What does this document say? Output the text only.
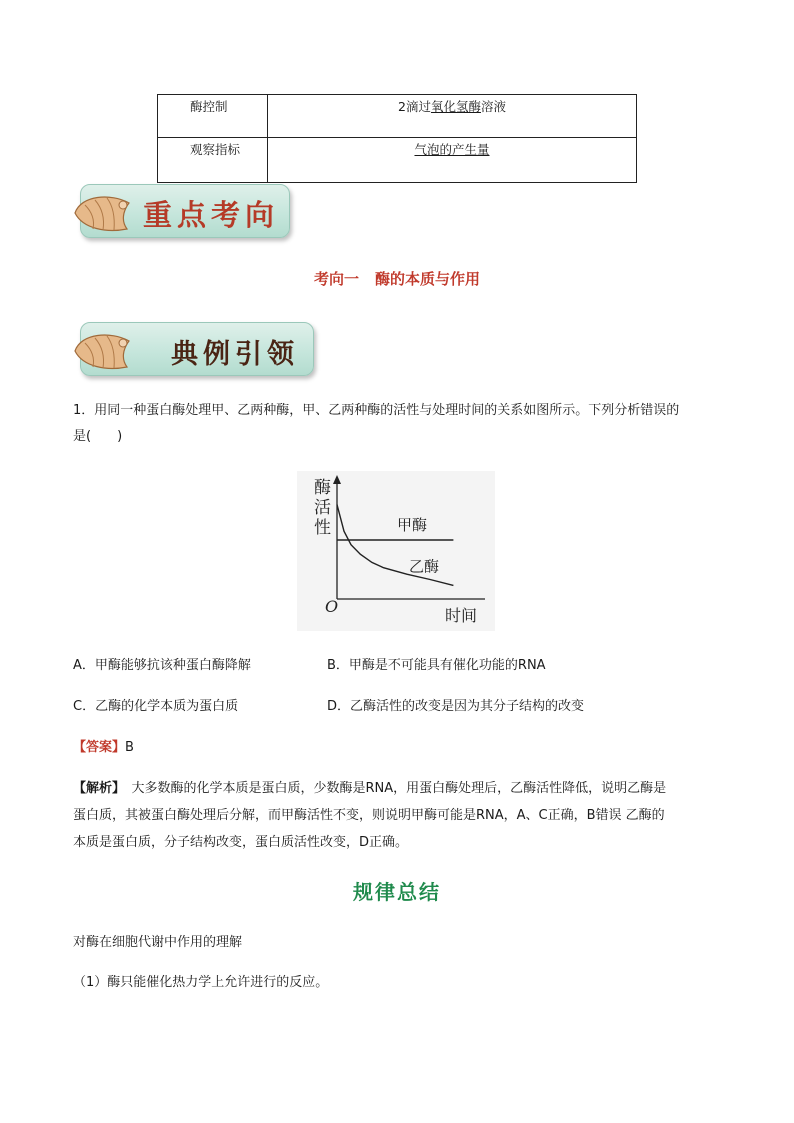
酶控制	2滴过氧化氢酶溶液
观察指标	气泡的产生量
重点考向
考向一 酶的本质与作用
典例引领
1．用同一种蛋白酶处理甲、乙两种酶，甲、乙两种酶的活性与处理时间的关系如图所示。下列分析错误的
是(　　)
酶
活
性
O	时间
甲酶
乙酶
A．甲酶能够抗该种蛋白酶降解	B．甲酶是不可能具有催化功能的RNA
C．乙酶的化学本质为蛋白质	D．乙酶活性的改变是因为其分子结构的改变
【答案】B
【解析】　大多数酶的化学本质是蛋白质，少数酶是RNA，用蛋白酶处理后，乙酶活性降低，说明乙酶是
蛋白质，其被蛋白酶处理后分解，而甲酶活性不变，则说明甲酶可能是RNA，A、C正确，B错误 乙酶的
本质是蛋白质，分子结构改变，蛋白质活性改变，D正确。
规律总结
对酶在细胞代谢中作用的理解
（1）酶只能催化热力学上允许进行的反应。
